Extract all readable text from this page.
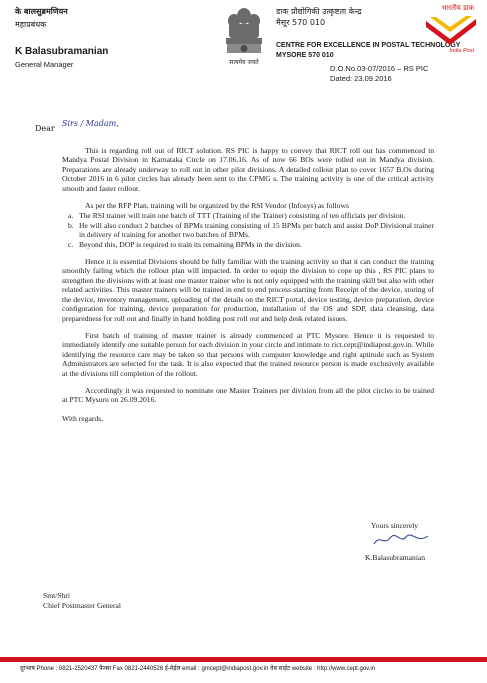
के बालसुब्रमणियन
महाप्रबंधक
K Balasubramanian
General Manager	सत्यमेव जयते
डाक प्रौद्योगिकी उत्कृष्टता केन्द्र
मैसूर 570 010
CENTRE FOR EXCELLENCE IN POSTAL TECHNOLOGY
MYSORE 570 010
D.O.No.03-07/2016 – RS PIC
Dated: 23.09.2016
भारतीय डाक
India Post
Dear
Sirs / Madam,

This is regarding roll out of RICT solution. RS PIC is happy to convey that RICT roll out has commenced in Mandya Postal Division in Karnataka Circle on 17.06.16. As of now 66 BOs were rolled out in Mandya division. Preparations are already underway to roll out in other pilot divisions. A detailed rollout plan to cover 1657 B.Os during October 2016 in 6 pilot circles has already been sent to the CPMG s. The training activity is one of the critical activity smooth and faster rollout.

As per the RFP Plan, training will be organized by the RSI Vendor (Infosys) as follows

a. The RSI trainer will train one batch of TTT (Training of the Trainer) consisting of ten officials per division.
b. He will also conduct 2 batches of BPMs training consisting of 15 BPMs per batch and assist DoP Divisional trainer in delivery of training for another two batches of BPMs.
c. Beyond this, DOP is required to train its remaining BPMs in the division.

Hence it is essential Divisions should be fully familiar with the training activity so that it can conduct the training smoothly failing which the rollout plan will impacted. In order to equip the division to cope up this , RS PIC plans to strengthen the divisions with at least one master trainer who is not only equipped with the training skill but also with other related activities. This master trainers will be trained in end to end process starting from Receipt of the device, storing of the device, inventory management, uploading of the details on the RICT portal, device testing, device preparation, device configuration for training, device preparation for production, installation of the OS and SDP, data cleansing, data preparedness for roll out and finally in hand holding post roll out and help desk related issues.

First batch of training of master trainer is already commenced at PTC Mysore. Hence it is requested to immediately identify one suitable person for each division in your circle and intimate to rict.cept@indiapost.gov.in. While identifying the resource care may be taken so that persons with computer knowledge and right aptitude such as System Administrators are selected for the task. It is also expected that the trained resource person is made exclusively available at the divisions till completion of the rollout.

Accordingly it was requested to nominate one Master Trainers per division from all the pilot circles to be trained at PTC Mysuru on 26.09.2016.

With regards,

Yours sincerely
K.Balasubramanian
Smt/Shri
Chief Postmaster General
दूरभाष Phone : 0821-2520437 फैक्स Fax 0821-2440526 ई-मेईल email : gmcept@indiapost.gov.in वेब साईट website : http://www.cept.gov.in
